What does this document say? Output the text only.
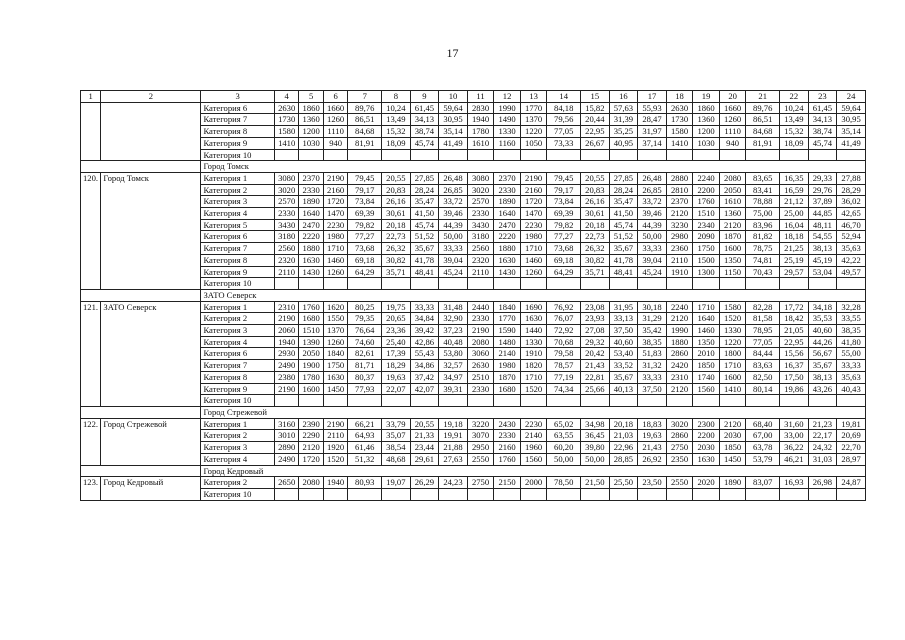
17
1	2	3	4	5	6	7	8	9	10	11	12	13	14	15	16	17	18	19	20	21	22	23	24
		Категория 6	2630	1860	1660	89,76	10,24	61,45	59,64	2830	1990	1770	84,18	15,82	57,63	55,93	2630	1860	1660	89,76	10,24	61,45	59,64
		Категория 7	1730	1360	1260	86,51	13,49	34,13	30,95	1940	1490	1370	79,56	20,44	31,39	28,47	1730	1360	1260	86,51	13,49	34,13	30,95
		Категория 8	1580	1200	1110	84,68	15,32	38,74	35,14	1780	1330	1220	77,05	22,95	35,25	31,97	1580	1200	1110	84,68	15,32	38,74	35,14
		Категория 9	1410	1030	940	81,91	18,09	45,74	41,49	1610	1160	1050	73,33	26,67	40,95	37,14	1410	1030	940	81,91	18,09	45,74	41,49
		Категория 10																					
		Город Томск																					
120.	Город Томск	Категория 1	3080	2370	2190	79,45	20,55	27,85	26,48	3080	2370	2190	79,45	20,55	27,85	26,48	2880	2240	2080	83,65	16,35	29,33	27,88
		Категория 2	3020	2330	2160	79,17	20,83	28,24	26,85	3020	2330	2160	79,17	20,83	28,24	26,85	2810	2200	2050	83,41	16,59	29,76	28,29
		Категория 3	2570	1890	1720	73,84	26,16	35,47	33,72	2570	1890	1720	73,84	26,16	35,47	33,72	2370	1760	1610	78,88	21,12	37,89	36,02
		Категория 4	2330	1640	1470	69,39	30,61	41,50	39,46	2330	1640	1470	69,39	30,61	41,50	39,46	2120	1510	1360	75,00	25,00	44,85	42,65
		Категория 5	3430	2470	2230	79,82	20,18	45,74	44,39	3430	2470	2230	79,82	20,18	45,74	44,39	3230	2340	2120	83,96	16,04	48,11	46,70
		Категория 6	3180	2220	1980	77,27	22,73	51,52	50,00	3180	2220	1980	77,27	22,73	51,52	50,00	2980	2090	1870	81,82	18,18	54,55	52,94
		Категория 7	2560	1880	1710	73,68	26,32	35,67	33,33	2560	1880	1710	73,68	26,32	35,67	33,33	2360	1750	1600	78,75	21,25	38,13	35,63
		Категория 8	2320	1630	1460	69,18	30,82	41,78	39,04	2320	1630	1460	69,18	30,82	41,78	39,04	2110	1500	1350	74,81	25,19	45,19	42,22
		Категория 9	2110	1430	1260	64,29	35,71	48,41	45,24	2110	1430	1260	64,29	35,71	48,41	45,24	1910	1300	1150	70,43	29,57	53,04	49,57
		Категория 10																					
		ЗАТО Северск																					
121.	ЗАТО Северск	Категория 1	2310	1760	1620	80,25	19,75	33,33	31,48	2440	1840	1690	76,92	23,08	31,95	30,18	2240	1710	1580	82,28	17,72	34,18	32,28
		Категория 2	2190	1680	1550	79,35	20,65	34,84	32,90	2330	1770	1630	76,07	23,93	33,13	31,29	2120	1640	1520	81,58	18,42	35,53	33,55
		Категория 3	2060	1510	1370	76,64	23,36	39,42	37,23	2190	1590	1440	72,92	27,08	37,50	35,42	1990	1460	1330	78,95	21,05	40,60	38,35
		Категория 4	1940	1390	1260	74,60	25,40	42,86	40,48	2080	1480	1330	70,68	29,32	40,60	38,35	1880	1350	1220	77,05	22,95	44,26	41,80
		Категория 6	2930	2050	1840	82,61	17,39	55,43	53,80	3060	2140	1910	79,58	20,42	53,40	51,83	2860	2010	1800	84,44	15,56	56,67	55,00
		Категория 7	2490	1900	1750	81,71	18,29	34,86	32,57	2630	1980	1820	78,57	21,43	33,52	31,32	2420	1850	1710	83,63	16,37	35,67	33,33
		Категория 8	2380	1780	1630	80,37	19,63	37,42	34,97	2510	1870	1710	77,19	22,81	35,67	33,33	2310	1740	1600	82,50	17,50	38,13	35,63
		Категория 9	2190	1600	1450	77,93	22,07	42,07	39,31	2330	1680	1520	74,34	25,66	40,13	37,50	2120	1560	1410	80,14	19,86	43,26	40,43
		Категория 10																					
		Город Стрежевой																					
122.	Город Стрежевой	Категория 1	3160	2390	2190	66,21	33,79	20,55	19,18	3220	2430	2230	65,02	34,98	20,18	18,83	3020	2300	2120	68,40	31,60	21,23	19,81
		Категория 2	3010	2290	2110	64,93	35,07	21,33	19,91	3070	2330	2140	63,55	36,45	21,03	19,63	2860	2200	2030	67,00	33,00	22,17	20,69
		Категория 3	2890	2120	1920	61,46	38,54	23,44	21,88	2950	2160	1960	60,20	39,80	22,96	21,43	2750	2030	1850	63,78	36,22	24,32	22,70
		Категория 4	2490	1720	1520	51,32	48,68	29,61	27,63	2550	1760	1560	50,00	50,00	28,85	26,92	2350	1630	1450	53,79	46,21	31,03	28,97
		Город Кедровый																					
123.	Город Кедровый	Категория 2	2650	2080	1940	80,93	19,07	26,29	24,23	2750	2150	2000	78,50	21,50	25,50	23,50	2550	2020	1890	83,07	16,93	26,98	24,87
		Категория 10																					
